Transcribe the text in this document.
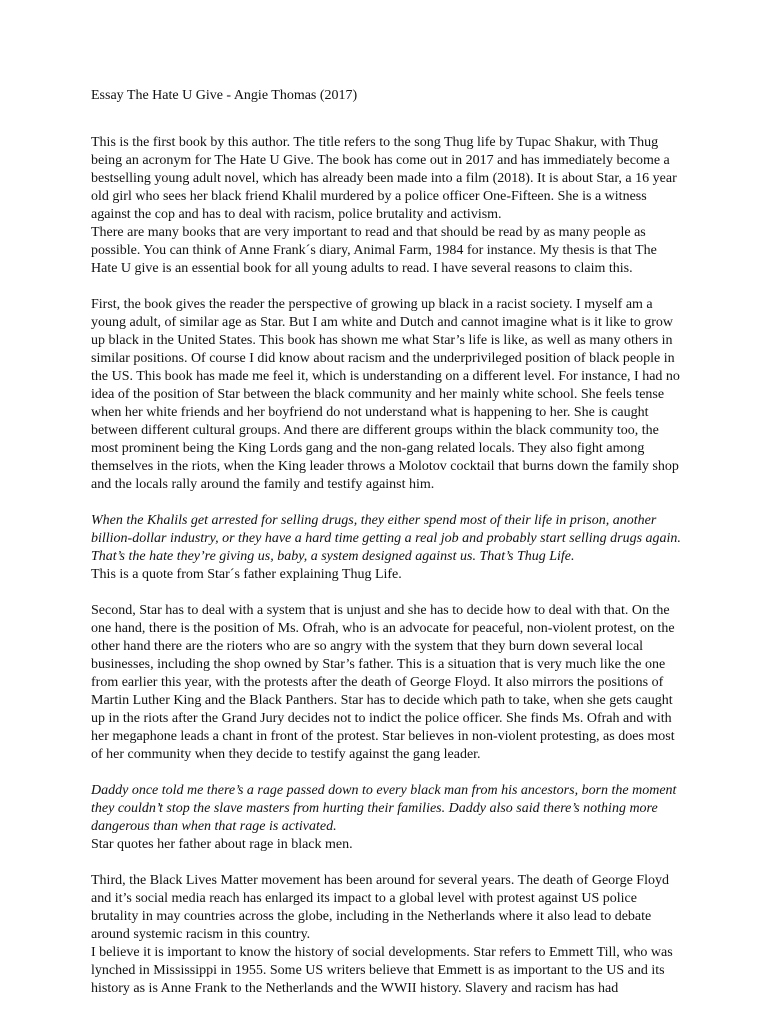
Essay The Hate U Give - Angie Thomas (2017)

This is the first book by this author. The title refers to the song Thug life by Tupac Shakur, with Thug being an acronym for The Hate U Give. The book has come out in 2017 and has immediately become a bestselling young adult novel, which has already been made into a film (2018). It is about Star, a 16 year old girl who sees her black friend Khalil murdered by a police officer One-Fifteen. She is a witness against the cop and has to deal with racism, police brutality and activism.

There are many books that are very important to read and that should be read by as many people as possible. You can think of Anne Frank´s diary, Animal Farm, 1984 for instance. My thesis is that The Hate U give is an essential book for all young adults to read. I have several reasons to claim this.

First, the book gives the reader the perspective of growing up black in a racist society. I myself am a young adult, of similar age as Star. But I am white and Dutch and cannot imagine what is it like to grow up black in the United States. This book has shown me what Star’s life is like, as well as many others in similar positions. Of course I did know about racism and the underprivileged position of black people in the US. This book has made me feel it, which is understanding on a different level. For instance, I had no idea of the position of Star between the black community and her mainly white school. She feels tense when her white friends and her boyfriend do not understand what is happening to her. She is caught between different cultural groups. And there are different groups within the black community too, the most prominent being the King Lords gang and the non-gang related locals. They also fight among themselves in the riots, when the King leader throws a Molotov cocktail that burns down the family shop and the locals rally around the family and testify against him.

When the Khalils get arrested for selling drugs, they either spend most of their life in prison, another billion-dollar industry, or they have a hard time getting a real job and probably start selling drugs again. That’s the hate they’re giving us, baby, a system designed against us. That’s Thug Life.

This is a quote from Star´s father explaining Thug Life.

Second, Star has to deal with a system that is unjust and she has to decide how to deal with that. On the one hand, there is the position of Ms. Ofrah, who is an advocate for peaceful, non-violent protest, on the other hand there are the rioters who are so angry with the system that they burn down several local businesses, including the shop owned by Star’s father. This is a situation that is very much like the one from earlier this year, with the protests after the death of George Floyd. It also mirrors the positions of Martin Luther King and the Black Panthers. Star has to decide which path to take, when she gets caught up in the riots after the Grand Jury decides not to indict the police officer. She finds Ms. Ofrah and with her megaphone leads a chant in front of the protest. Star believes in non-violent protesting, as does most of her community when they decide to testify against the gang leader.

Daddy once told me there’s a rage passed down to every black man from his ancestors, born the moment they couldn’t stop the slave masters from hurting their families. Daddy also said there’s nothing more dangerous than when that rage is activated.

Star quotes her father about rage in black men.

Third, the Black Lives Matter movement has been around for several years. The death of George Floyd and it’s social media reach has enlarged its impact to a global level with protest against US police brutality in may countries across the globe, including in the Netherlands where it also lead to debate around systemic racism in this country.

I believe it is important to know the history of social developments. Star refers to Emmett Till, who was lynched in Mississippi in 1955. Some US writers believe that Emmett is as important to the US and its history as is Anne Frank to the Netherlands and the WWII history. Slavery and racism has had
